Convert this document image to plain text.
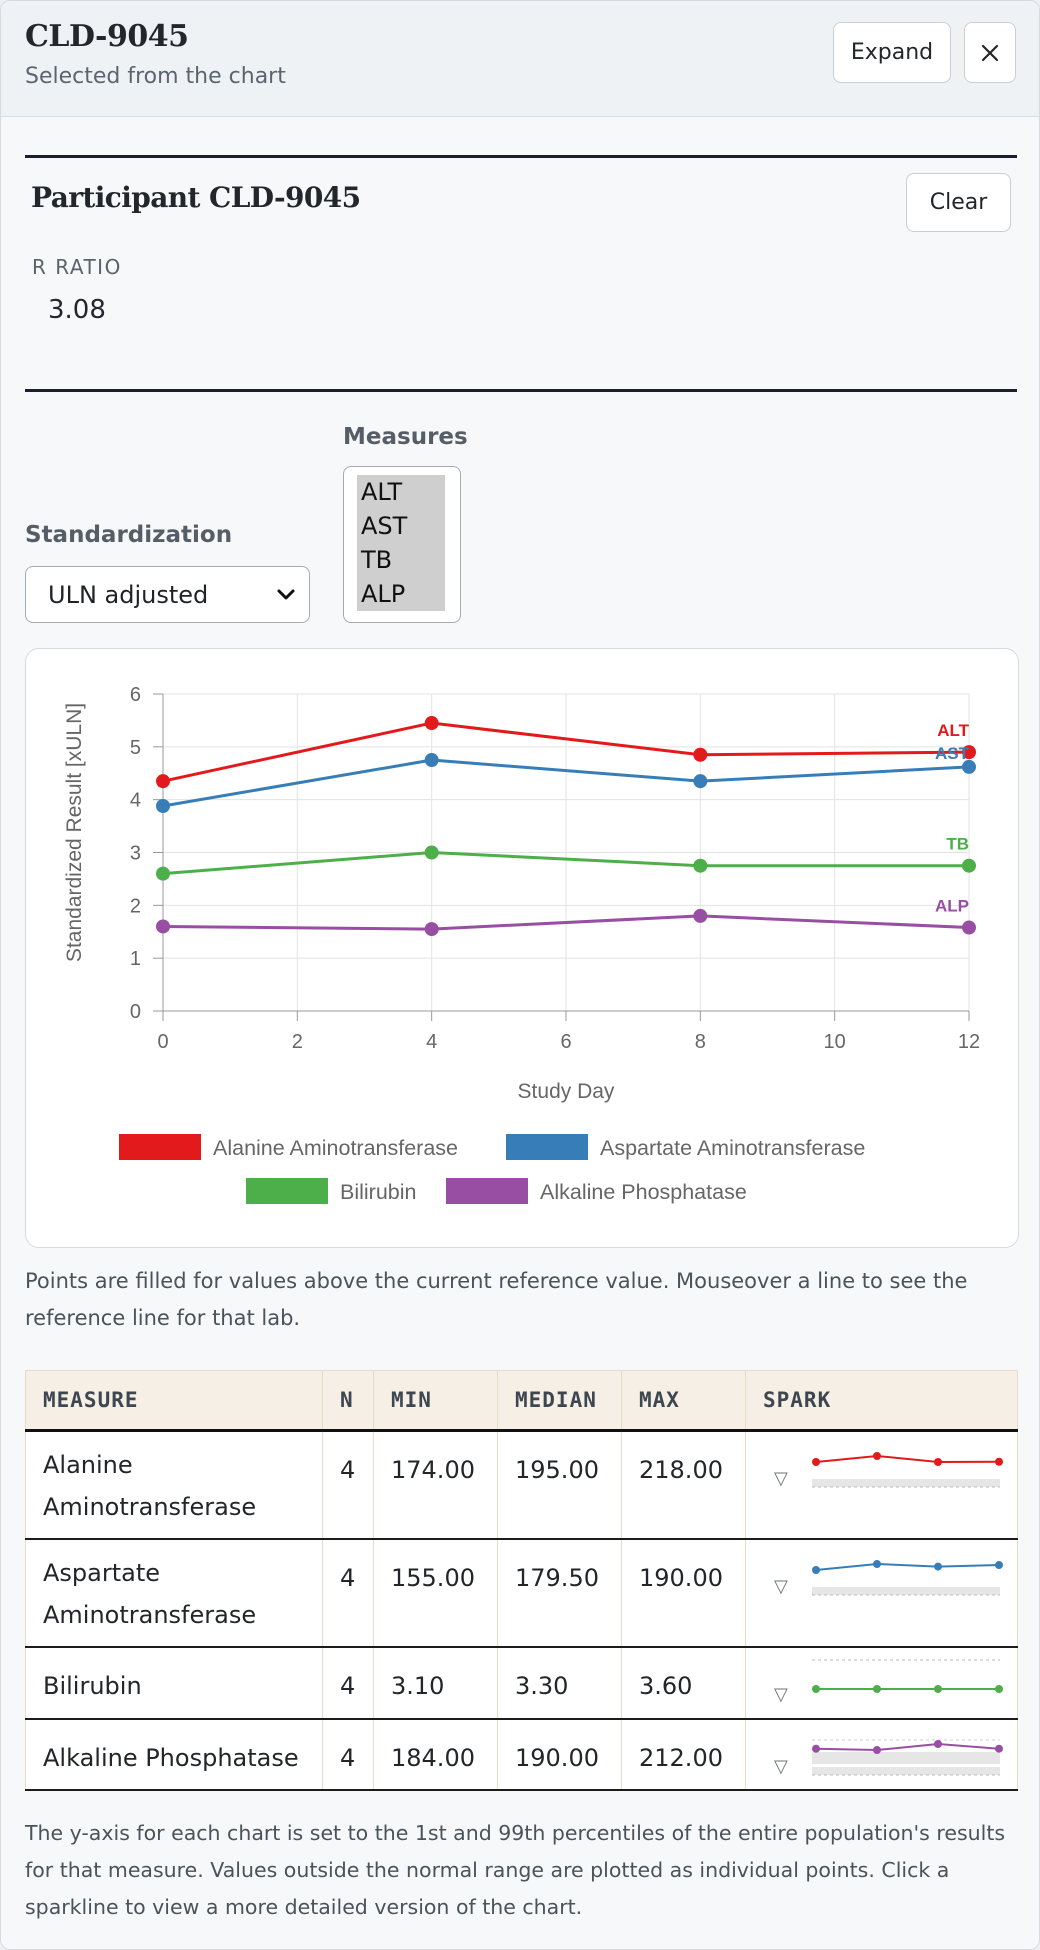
CLD-9045
Selected from the chart
Expand
Participant CLD-9045	Clear
R RATIO
3.08
Standardization
ULN adjusted
Measures
ALT
AST
TB
ALP
0
1
2
3
4
5
6
0	2	4	6	8	10	12
Study Day
Standardized Result [xULN]	ALT
AST
TB
ALP
Alanine Aminotransferase	Aspartate Aminotransferase
Bilirubin	Alkaline Phosphatase
Points are filled for values above the current reference value. Mouseover a line to see the reference line for that lab.
MEASURE	N	MIN	MEDIAN	MAX	SPARK
Alanine Aminotransferase	4	174.00	195.00	218.00	▽

Aspartate Aminotransferase	4	155.00	179.50	190.00	▽

Bilirubin	4	3.10	3.30	3.60	▽

Alkaline Phosphatase	4	184.00	190.00	212.00	▽
The y-axis for each chart is set to the 1st and 99th percentiles of the entire population's results for that measure. Values outside the normal range are plotted as individual points. Click a sparkline to view a more detailed version of the chart.
